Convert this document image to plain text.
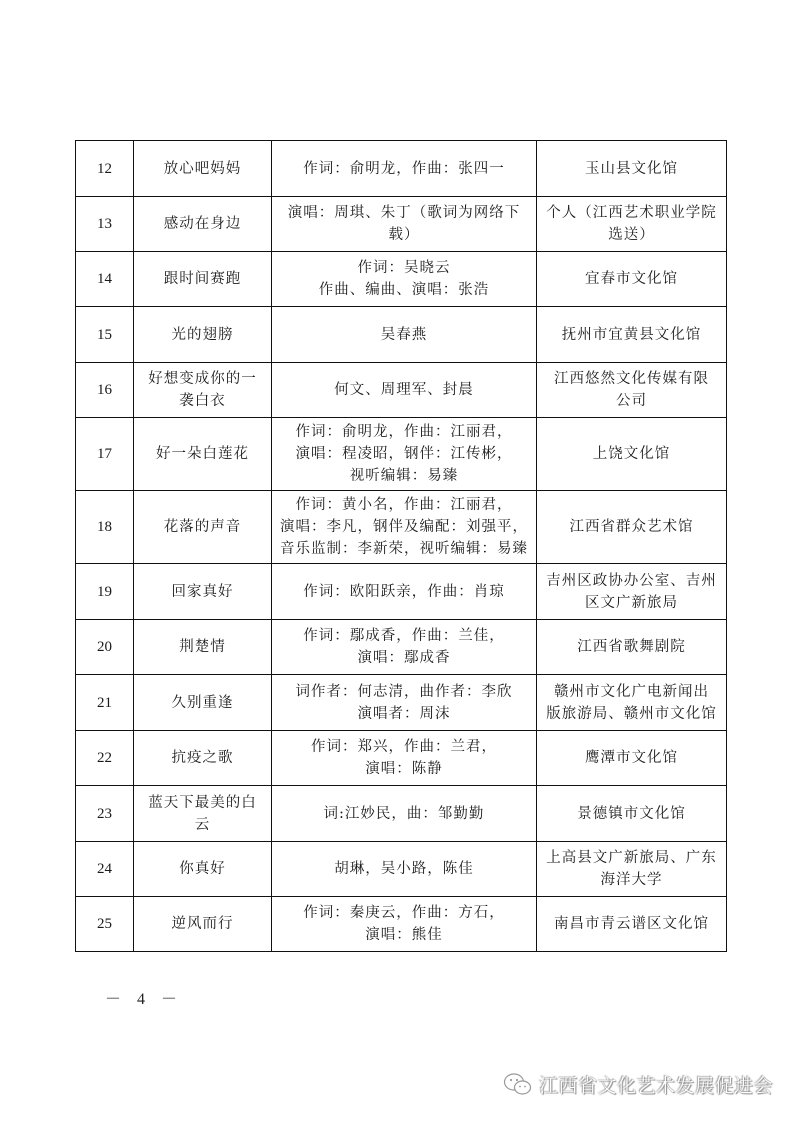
12	放心吧妈妈	作词：俞明龙，作曲：张四一	玉山县文化馆

13	感动在身边	演唱：周琪、朱丁（歌词为网络下载）	个人（江西艺术职业学院
选送）

14	跟时间赛跑	作词：吴晓云
作曲、编曲、演唱：张浩	宜春市文化馆

15	光的翅膀	吴春燕	抚州市宜黄县文化馆

16	好想变成你的一
袭白衣	何文、周理军、封晨	江西悠然文化传媒有限
公司

17	好一朵白莲花	作词：俞明龙，作曲：江丽君，
演唱：程凌昭，钢伴：江传彬，
视听编辑：易臻	上饶文化馆

18	花落的声音	作词：黄小名，作曲：江丽君，
演唱：李凡，钢伴及编配：刘强平，
音乐监制：李新荣，视听编辑：易臻	江西省群众艺术馆

19	回家真好	作词：欧阳跃亲，作曲：肖琼	吉州区政协办公室、吉州
区文广新旅局

20	荆楚情	作词：鄢成香，作曲：兰佳，
演唱：鄢成香	江西省歌舞剧院

21	久别重逢	词作者：何志清，曲作者：李欣
演唱者：周沫	赣州市文化广电新闻出
版旅游局、赣州市文化馆

22	抗疫之歌	作词：郑兴，作曲：兰君，
演唱：陈静	鹰潭市文化馆

23	蓝天下最美的白
云	词:江妙民，曲：邹勤勤	景德镇市文化馆

24	你真好	胡琳，吴小路，陈佳	上高县文广新旅局、广东
海洋大学

25	逆风而行	作词：秦庚云，作曲：方石，
演唱：熊佳	南昌市青云谱区文化馆
－ 4 －
江西省文化艺术发展促进会
